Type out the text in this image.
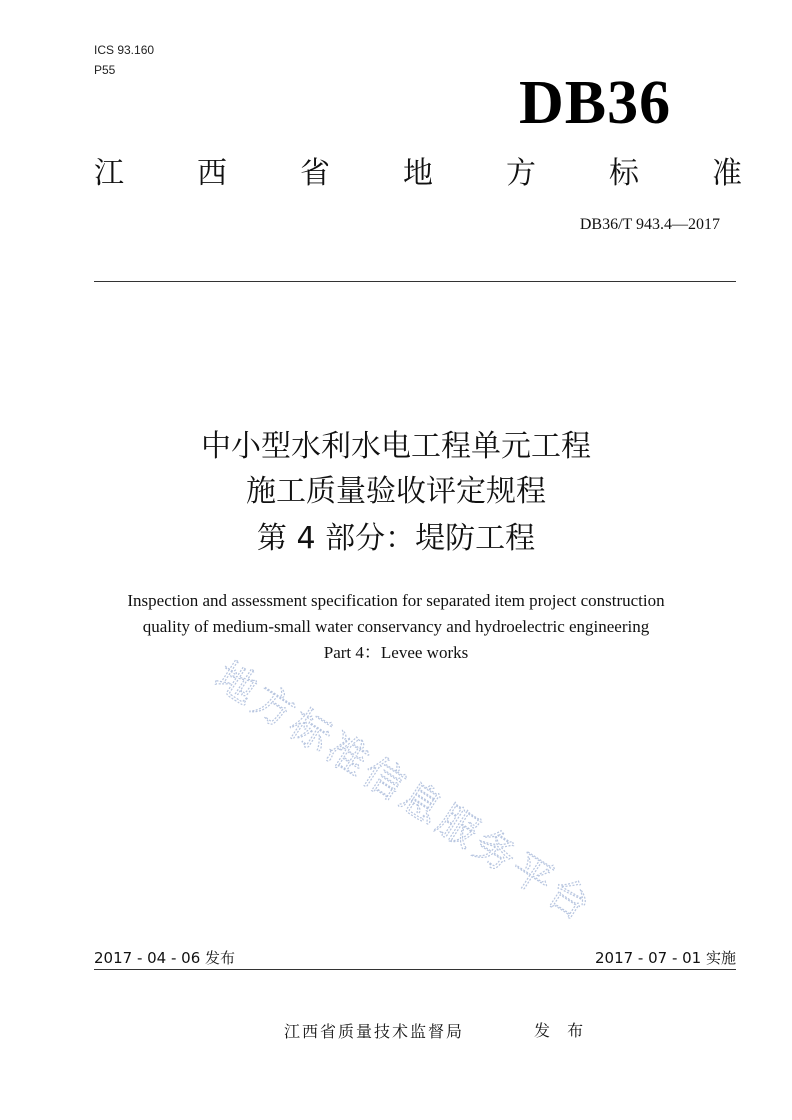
ICS 93.160
P55	DB36
江 西 省 地 方 标 准
DB36/T 943.4—2017
中小型水利水电工程单元工程
施工质量验收评定规程
第 4 部分：堤防工程
Inspection and assessment specification for separated item project construction
quality of medium-small water conservancy and hydroelectric engineering
Part 4：Levee works
地
方
标
准
信
息
服
务
平
台
2017 - 04 - 06 发布	2017 - 07 - 01 实施
江西省质量技术监督局	发 布
